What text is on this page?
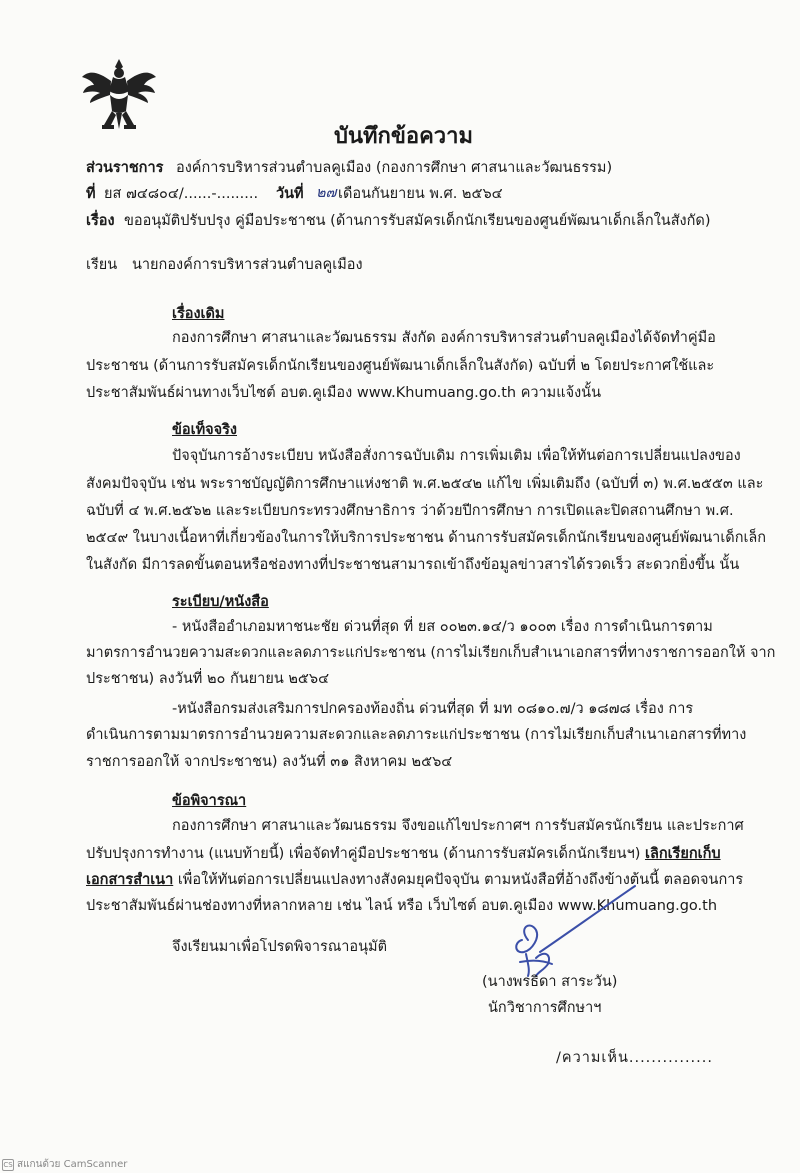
บันทึกข้อความ
ส่วนราชการ องค์การบริหารส่วนตำบลคูเมือง (กองการศึกษา ศาสนาและวัฒนธรรม)
ที่ ยส ๗๔๘๐๔/......-......... วันที่ ๒๗ เดือนกันยายน พ.ศ. ๒๕๖๔
เรื่อง ขออนุมัติปรับปรุง คู่มือประชาชน (ด้านการรับสมัครเด็กนักเรียนของศูนย์พัฒนาเด็กเล็กในสังกัด)
เรียน นายกองค์การบริหารส่วนตำบลคูเมือง
เรื่องเดิม
กองการศึกษา ศาสนาและวัฒนธรรม สังกัด องค์การบริหารส่วนตำบลคูเมืองได้จัดทำคู่มือ
ประชาชน (ด้านการรับสมัครเด็กนักเรียนของศูนย์พัฒนาเด็กเล็กในสังกัด) ฉบับที่ ๒ โดยประกาศใช้และ
ประชาสัมพันธ์ผ่านทางเว็บไซต์ อบต.คูเมือง www.Khumuang.go.th ความแจ้งนั้น
ข้อเท็จจริง
ปัจจุบันการอ้างระเบียบ หนังสือสั่งการฉบับเดิม การเพิ่มเติม เพื่อให้ทันต่อการเปลี่ยนแปลงของ
สังคมปัจจุบัน เช่น พระราชบัญญัติการศึกษาแห่งชาติ พ.ศ.๒๕๔๒ แก้ไข เพิ่มเติมถึง (ฉบับที่ ๓) พ.ศ.๒๕๕๓ และ
ฉบับที่ ๔ พ.ศ.๒๕๖๒ และระเบียบกระทรวงศึกษาธิการ ว่าด้วยปีการศึกษา การเปิดและปิดสถานศึกษา พ.ศ.
๒๕๔๙ ในบางเนื้อหาที่เกี่ยวข้องในการให้บริการประชาชน ด้านการรับสมัครเด็กนักเรียนของศูนย์พัฒนาเด็กเล็ก
ในสังกัด มีการลดขั้นตอนหรือช่องทางที่ประชาชนสามารถเข้าถึงข้อมูลข่าวสารได้รวดเร็ว สะดวกยิ่งขึ้น นั้น
ระเบียบ/หนังสือ
- หนังสืออำเภอมหาชนะชัย ด่วนที่สุด ที่ ยส ๐๐๒๓.๑๔/ว ๑๐๐๓ เรื่อง การดำเนินการตาม
มาตรการอำนวยความสะดวกและลดภาระแก่ประชาชน (การไม่เรียกเก็บสำเนาเอกสารที่ทางราชการออกให้ จาก
ประชาชน) ลงวันที่ ๒๐ กันยายน ๒๕๖๔
-หนังสือกรมส่งเสริมการปกครองท้องถิ่น ด่วนที่สุด ที่ มท ๐๘๑๐.๗/ว ๑๘๗๘ เรื่อง การ
ดำเนินการตามมาตรการอำนวยความสะดวกและลดภาระแก่ประชาชน (การไม่เรียกเก็บสำเนาเอกสารที่ทาง
ราชการออกให้ จากประชาชน) ลงวันที่ ๓๑ สิงหาคม ๒๕๖๔
ข้อพิจารณา
กองการศึกษา ศาสนาและวัฒนธรรม จึงขอแก้ไขประกาศฯ การรับสมัครนักเรียน และประกาศ
ปรับปรุงการทำงาน (แนบท้ายนี้) เพื่อจัดทำคู่มือประชาชน (ด้านการรับสมัครเด็กนักเรียนฯ) เลิกเรียกเก็บ
เอกสารสำเนา เพื่อให้ทันต่อการเปลี่ยนแปลงทางสังคมยุคปัจจุบัน ตามหนังสือที่อ้างถึงข้างต้นนี้ ตลอดจนการ
ประชาสัมพันธ์ผ่านช่องทางที่หลากหลาย เช่น ไลน์ หรือ เว็บไซต์ อบต.คูเมือง www.Khumuang.go.th
จึงเรียนมาเพื่อโปรดพิจารณาอนุมัติ
(นางพรธิดา สาระวัน)
นักวิชาการศึกษาฯ
/ความเห็น...............
CS สแกนด้วย CamScanner
